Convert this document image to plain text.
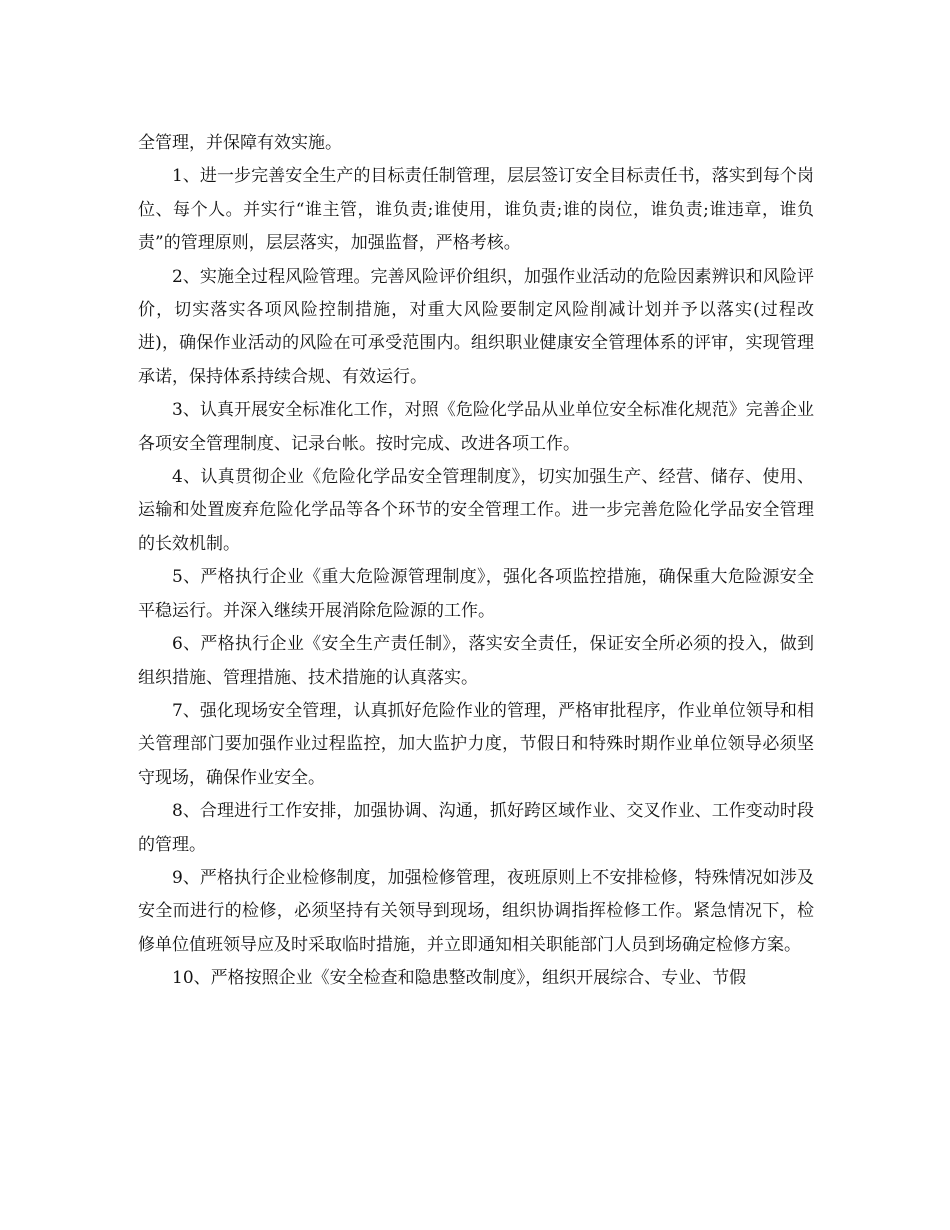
全管理，并保障有效实施。

1、进一步完善安全生产的目标责任制管理，层层签订安全目标责任书，落实到每个岗位、每个人。并实行“谁主管，谁负责;谁使用，谁负责;谁的岗位，谁负责;谁违章，谁负责”的管理原则，层层落实，加强监督，严格考核。

2、实施全过程风险管理。完善风险评价组织，加强作业活动的危险因素辨识和风险评价，切实落实各项风险控制措施，对重大风险要制定风险削减计划并予以落实(过程改进)，确保作业活动的风险在可承受范围内。组织职业健康安全管理体系的评审，实现管理承诺，保持体系持续合规、有效运行。

3、认真开展安全标准化工作，对照《危险化学品从业单位安全标准化规范》完善企业各项安全管理制度、记录台帐。按时完成、改进各项工作。

4、认真贯彻企业《危险化学品安全管理制度》，切实加强生产、经营、储存、使用、运输和处置废弃危险化学品等各个环节的安全管理工作。进一步完善危险化学品安全管理的长效机制。

5、严格执行企业《重大危险源管理制度》，强化各项监控措施，确保重大危险源安全平稳运行。并深入继续开展消除危险源的工作。

6、严格执行企业《安全生产责任制》，落实安全责任，保证安全所必须的投入，做到组织措施、管理措施、技术措施的认真落实。

7、强化现场安全管理，认真抓好危险作业的管理，严格审批程序，作业单位领导和相关管理部门要加强作业过程监控，加大监护力度，节假日和特殊时期作业单位领导必须坚守现场，确保作业安全。

8、合理进行工作安排，加强协调、沟通，抓好跨区域作业、交叉作业、工作变动时段的管理。

9、严格执行企业检修制度，加强检修管理，夜班原则上不安排检修，特殊情况如涉及安全而进行的检修，必须坚持有关领导到现场，组织协调指挥检修工作。紧急情况下，检修单位值班领导应及时采取临时措施，并立即通知相关职能部门人员到场确定检修方案。

10、严格按照企业《安全检查和隐患整改制度》，组织开展综合、专业、节假
